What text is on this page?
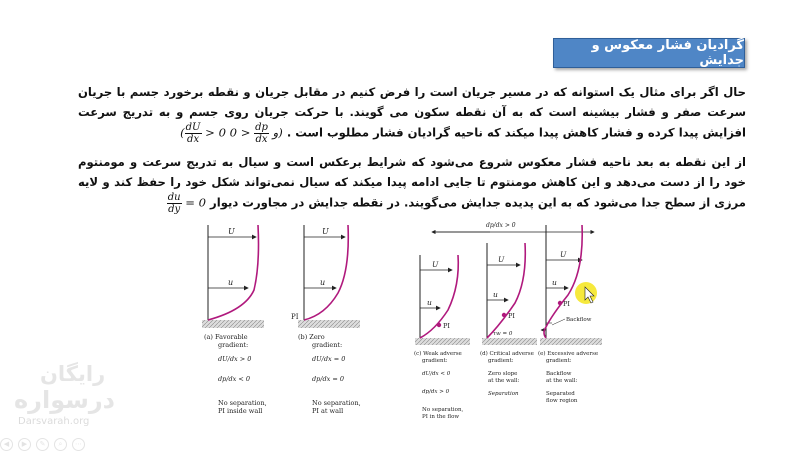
گرادیان فشار معکوس و جدایش

حال اگر برای مثال یک استوانه که در مسیر جریان است را فرض کنیم در مقابل جریان و نقطه برخورد جسم با جریان سرعت صفر و فشار بیشینه است که به آن نقطه سکون می گویند. با حرکت جریان روی جسم و به تدریج سرعت افزایش پیدا کرده و فشار کاهش پیدا میکند که ناحیه گرادیان فشار مطلوب است . ( $\frac{dU}{dx} > 0$ و
$\frac{dp}{dx}$
< 0)

از این نقطه به بعد ناحیه فشار معکوس شروع می‌شود که شرایط برعکس است و سیال به تدریج سرعت و مومنتوم خود را از دست می‌دهد و این کاهش مومنتوم تا جایی ادامه پیدا میکند که سیال نمی‌تواند شکل خود را حفظ کند و لایه مرزی از سطح جدا می‌شود که به این پدیده جدایش می‌گویند. در نقطه جدایش در مجاورت دیوار
$\frac{du}{dy} = 0$

U
u
(a) Favorable
gradient:
dU/dx > 0
dp/dx < 0
No separation,
PI inside wall
U
u
PI
(b) Zero
gradient:
dU/dx = 0
dp/dx = 0
No separation,
PI at wall
dp/dx > 0
U
u
PI
(c) Weak adverse
gradient:
dU/dx < 0
dp/dx > 0
No separation,
PI in the flow
U
u
PI
τw = 0
(d) Critical adverse
gradient:
Zero slope
at the wall:
Separation
U
u
PI
Backflow
(e) Excessive adverse
gradient:
Backflow
at the wall:
Separated
flow region
رایگان
درسواره
Darsvarah.org
◀ ▶ ✎ ⌕ ⋯
